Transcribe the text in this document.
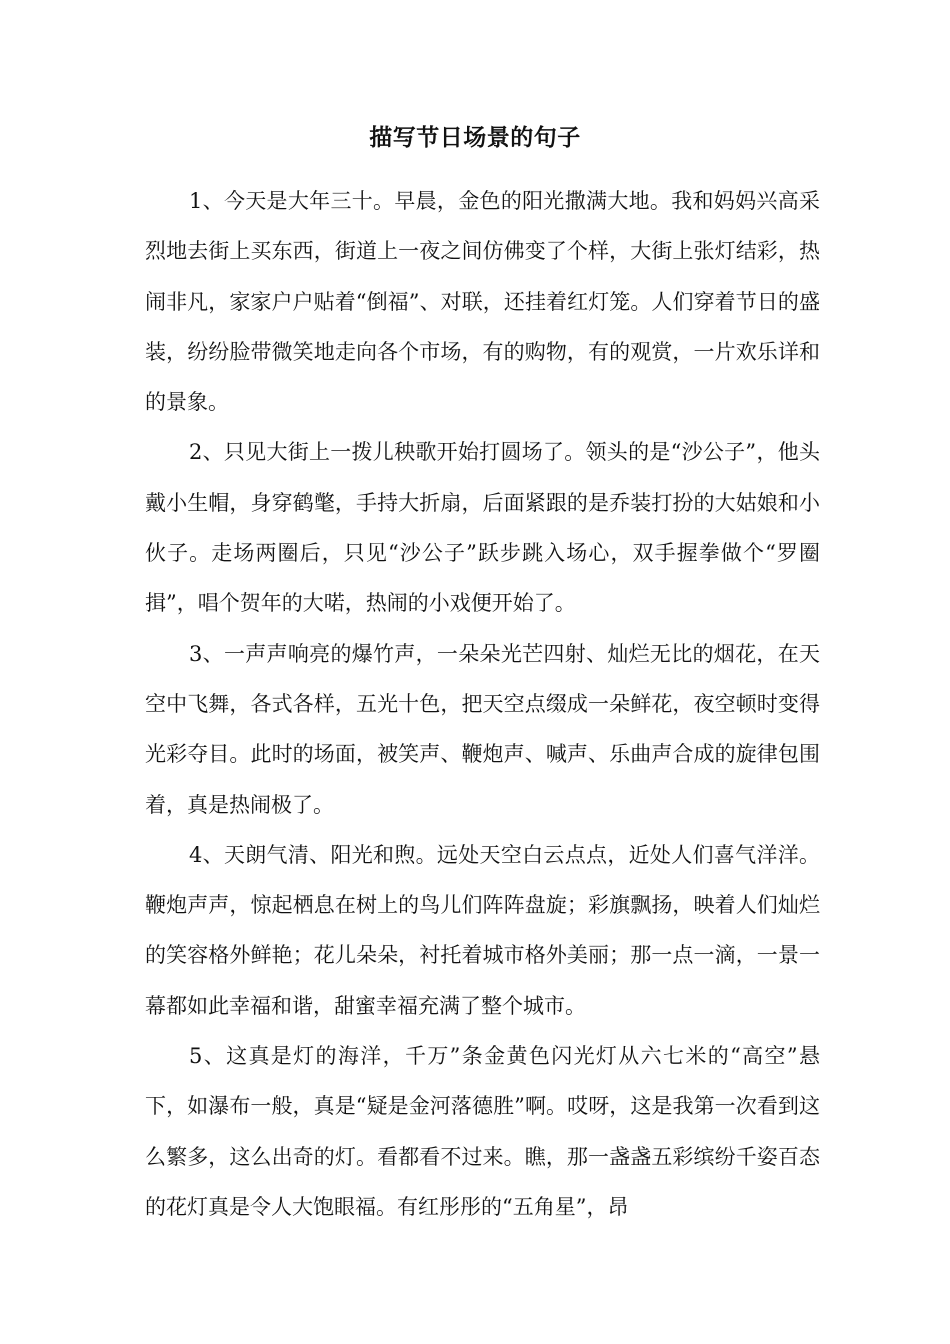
描写节日场景的句子

1、今天是大年三十。早晨，金色的阳光撒满大地。我和妈妈兴高采烈地去街上买东西，街道上一夜之间仿佛变了个样，大街上张灯结彩，热闹非凡，家家户户贴着“倒福”、对联，还挂着红灯笼。人们穿着节日的盛装，纷纷脸带微笑地走向各个市场，有的购物，有的观赏，一片欢乐详和的景象。

2、只见大街上一拨儿秧歌开始打圆场了。领头的是“沙公子”，他头戴小生帽，身穿鹤氅，手持大折扇，后面紧跟的是乔装打扮的大姑娘和小伙子。走场两圈后，只见“沙公子”跃步跳入场心，双手握拳做个“罗圈揖”，唱个贺年的大喏，热闹的小戏便开始了。

3、一声声响亮的爆竹声，一朵朵光芒四射、灿烂无比的烟花，在天空中飞舞，各式各样，五光十色，把天空点缀成一朵鲜花，夜空顿时变得光彩夺目。此时的场面，被笑声、鞭炮声、喊声、乐曲声合成的旋律包围着，真是热闹极了。

4、天朗气清、阳光和煦。远处天空白云点点，近处人们喜气洋洋。鞭炮声声，惊起栖息在树上的鸟儿们阵阵盘旋；彩旗飘扬，映着人们灿烂的笑容格外鲜艳；花儿朵朵，衬托着城市格外美丽；那一点一滴，一景一幕都如此幸福和谐，甜蜜幸福充满了整个城市。

5、这真是灯的海洋，千万”条金黄色闪光灯从六七米的“高空”悬下，如瀑布一般，真是“疑是金河落德胜”啊。哎呀，这是我第一次看到这么繁多，这么出奇的灯。看都看不过来。瞧，那一盏盏五彩缤纷千姿百态的花灯真是令人大饱眼福。有红彤彤的“五角星”，昂
